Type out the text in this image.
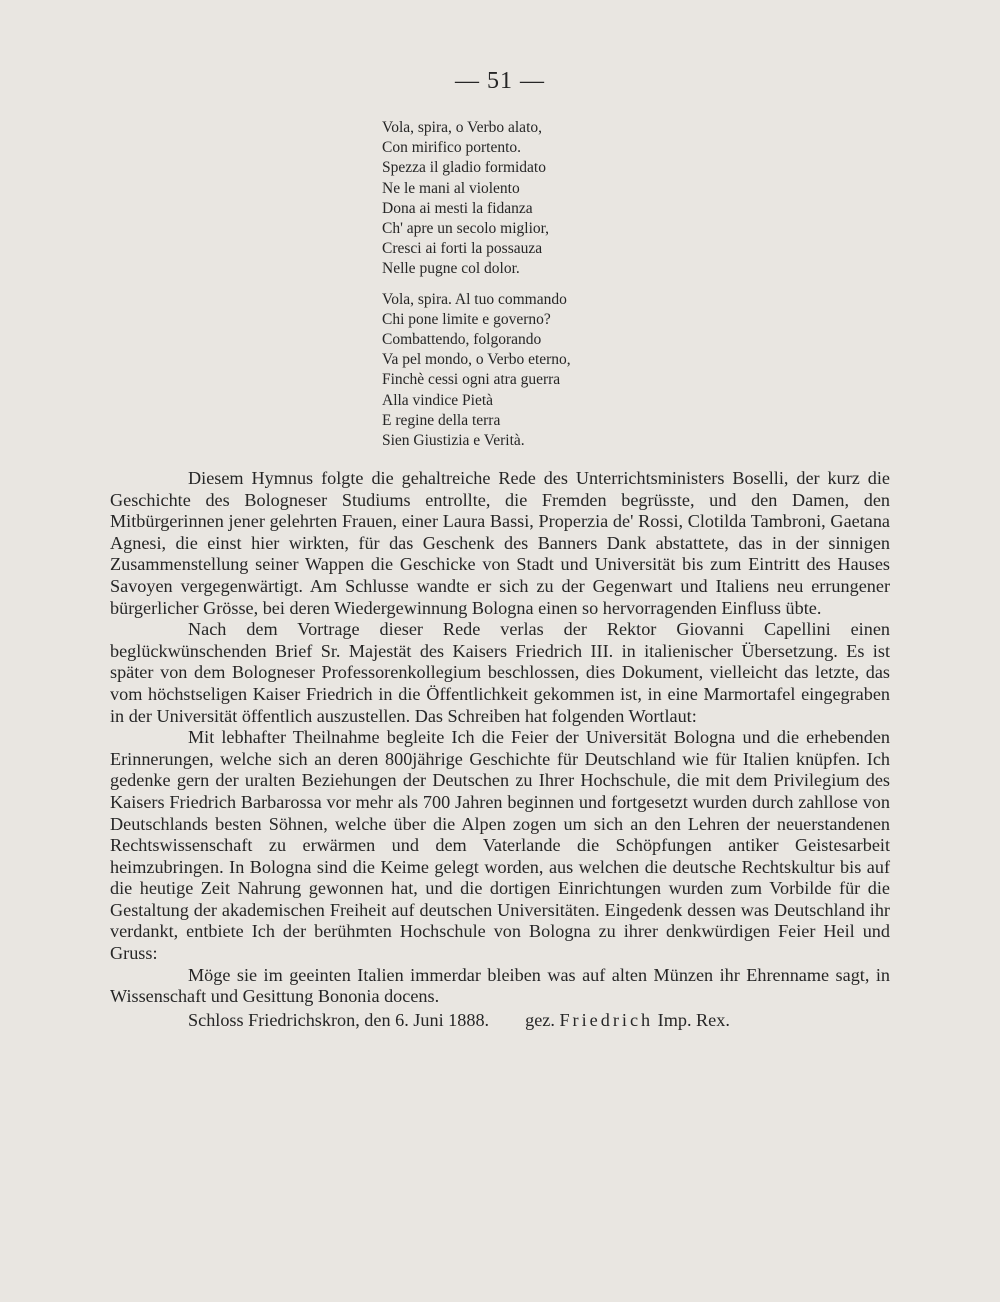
— 51 —
Vola, spira, o Verbo alato,
Con mirifico portento.
Spezza il gladio formidato
Ne le mani al violento
Dona ai mesti la fidanza
Ch' apre un secolo miglior,
Cresci ai forti la possauza
Nelle pugne col dolor.
Vola, spira. Al tuo commando
Chi pone limite e governo?
Combattendo, folgorando
Va pel mondo, o Verbo eterno,
Finchè cessi ogni atra guerra
Alla vindice Pietà
E regine della terra
Sien Giustizia e Verità.

Diesem Hymnus folgte die gehaltreiche Rede des Unterrichtsministers Boselli, der kurz die Geschichte des Bologneser Studiums entrollte, die Fremden begrüsste, und den Damen, den Mitbürgerinnen jener gelehrten Frauen, einer Laura Bassi, Properzia de' Rossi, Clotilda Tambroni, Gaetana Agnesi, die einst hier wirkten, für das Geschenk des Banners Dank abstattete, das in der sinnigen Zusammenstellung seiner Wappen die Geschicke von Stadt und Universität bis zum Eintritt des Hauses Savoyen vergegenwärtigt. Am Schlusse wandte er sich zu der Gegenwart und Italiens neu errungener bürgerlicher Grösse, bei deren Wiedergewinnung Bologna einen so hervorragenden Einfluss übte.

Nach dem Vortrage dieser Rede verlas der Rektor Giovanni Capellini einen beglückwünschenden Brief Sr. Majestät des Kaisers Friedrich III. in italienischer Übersetzung. Es ist später von dem Bologneser Professorenkollegium beschlossen, dies Dokument, vielleicht das letzte, das vom höchstseligen Kaiser Friedrich in die Öffentlichkeit gekommen ist, in eine Marmortafel eingegraben in der Universität öffentlich auszustellen. Das Schreiben hat folgenden Wortlaut:

Mit lebhafter Theilnahme begleite Ich die Feier der Universität Bologna und die erhebenden Erinnerungen, welche sich an deren 800jährige Geschichte für Deutschland wie für Italien knüpfen. Ich gedenke gern der uralten Beziehungen der Deutschen zu Ihrer Hochschule, die mit dem Privilegium des Kaisers Friedrich Barbarossa vor mehr als 700 Jahren beginnen und fortgesetzt wurden durch zahllose von Deutschlands besten Söhnen, welche über die Alpen zogen um sich an den Lehren der neuerstandenen Rechtswissenschaft zu erwärmen und dem Vaterlande die Schöpfungen antiker Geistesarbeit heimzubringen. In Bologna sind die Keime gelegt worden, aus welchen die deutsche Rechtskultur bis auf die heutige Zeit Nahrung gewonnen hat, und die dortigen Einrichtungen wurden zum Vorbilde für die Gestaltung der akademischen Freiheit auf deutschen Universitäten. Eingedenk dessen was Deutschland ihr verdankt, entbiete Ich der berühmten Hochschule von Bologna zu ihrer denkwürdigen Feier Heil und Gruss:

Möge sie im geeinten Italien immerdar bleiben was auf alten Münzen ihr Ehrenname sagt, in Wissenschaft und Gesittung Bononia docens.

Schloss Friedrichskron, den 6. Juni 1888. gez. Friedrich Imp. Rex.
